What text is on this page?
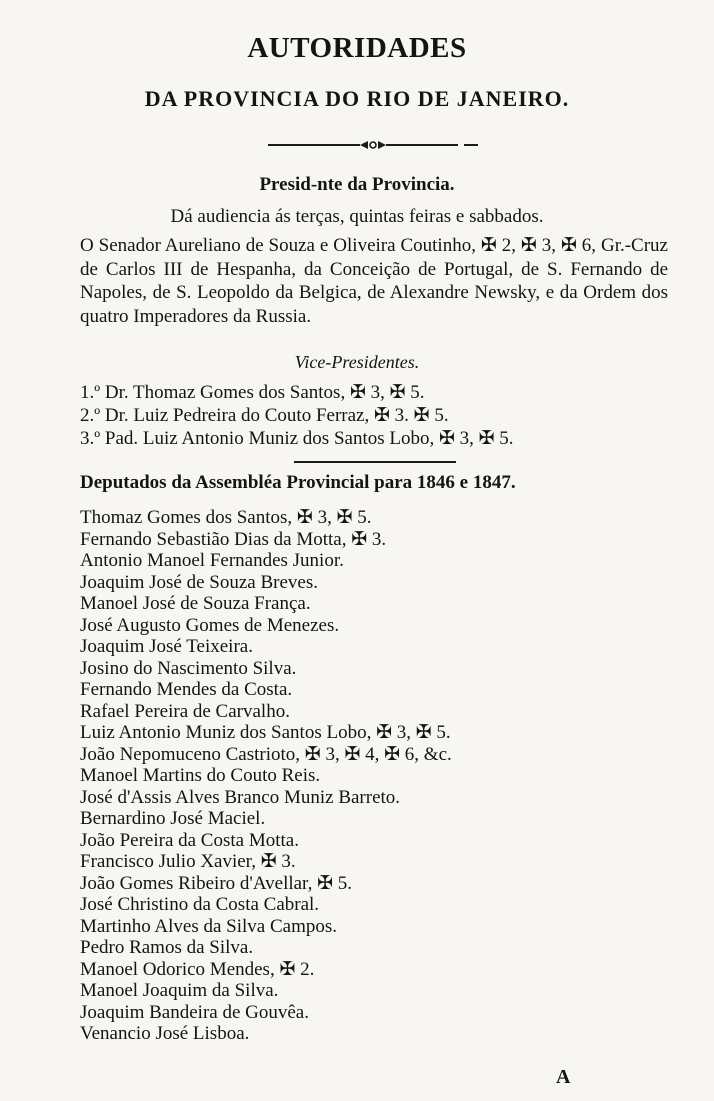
AUTORIDADES
DA PROVINCIA DO RIO DE JANEIRO.
Presid-nte da Provincia.
Dá audiencia ás terças, quintas feiras e sabbados.
O Senador Aureliano de Souza e Oliveira Coutinho, ✠ 2, ✠ 3, ✠ 6, Gr.-Cruz de Carlos III de Hespanha, da Conceição de Portugal, de S. Fernando de Napoles, de S. Leopoldo da Belgica, de Alexandre Newsky, e da Ordem dos quatro Imperadores da Russia.
Vice-Presidentes.
1.º Dr. Thomaz Gomes dos Santos, ✠ 3, ✠ 5.
2.º Dr. Luiz Pedreira do Couto Ferraz, ✠ 3. ✠ 5.
3.º Pad. Luiz Antonio Muniz dos Santos Lobo, ✠ 3, ✠ 5.
Deputados da Assembléa Provincial para 1846 e 1847.
Thomaz Gomes dos Santos, ✠ 3, ✠ 5.
Fernando Sebastião Dias da Motta, ✠ 3.
Antonio Manoel Fernandes Junior.
Joaquim José de Souza Breves.
Manoel José de Souza França.
José Augusto Gomes de Menezes.
Joaquim José Teixeira.
Josino do Nascimento Silva.
Fernando Mendes da Costa.
Rafael Pereira de Carvalho.
Luiz Antonio Muniz dos Santos Lobo, ✠ 3, ✠ 5.
João Nepomuceno Castrioto, ✠ 3, ✠ 4, ✠ 6, &c.
Manoel Martins do Couto Reis.
José d'Assis Alves Branco Muniz Barreto.
Bernardino José Maciel.
João Pereira da Costa Motta.
Francisco Julio Xavier, ✠ 3.
João Gomes Ribeiro d'Avellar, ✠ 5.
José Christino da Costa Cabral.
Martinho Alves da Silva Campos.
Pedro Ramos da Silva.
Manoel Odorico Mendes, ✠ 2.
Manoel Joaquim da Silva.
Joaquim Bandeira de Gouvêa.
Venancio José Lisboa.
A
